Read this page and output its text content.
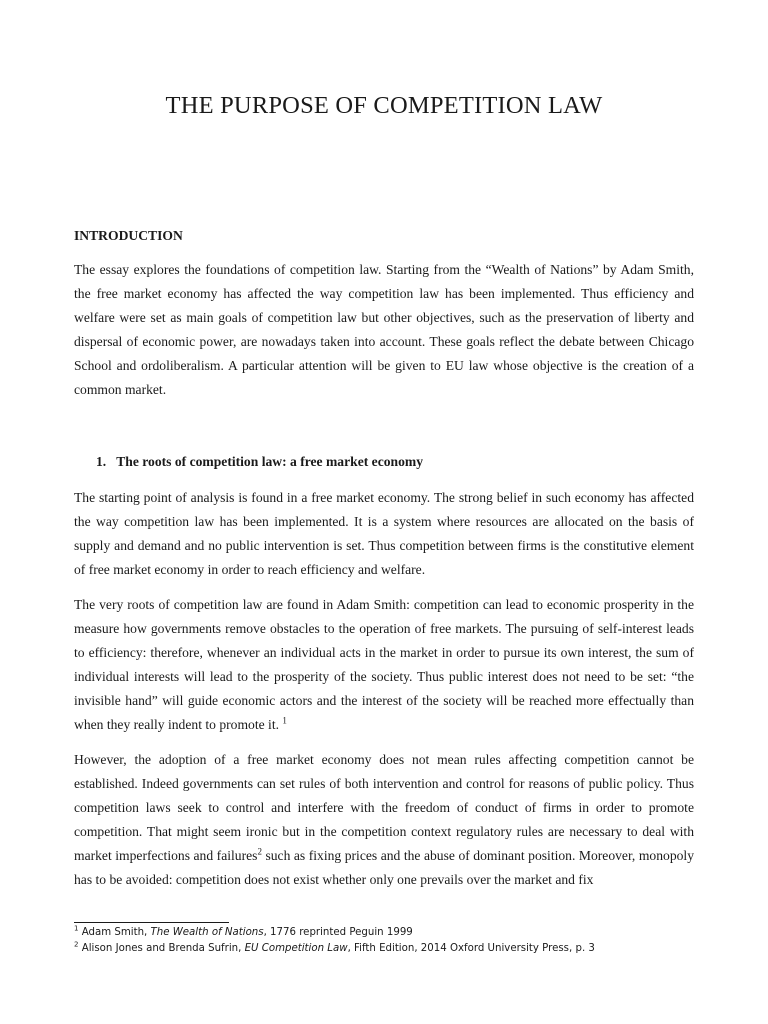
THE PURPOSE OF COMPETITION LAW
INTRODUCTION

The essay explores the foundations of competition law. Starting from the “Wealth of Nations” by Adam Smith, the free market economy has affected the way competition law has been implemented. Thus efficiency and welfare were set as main goals of competition law but other objectives, such as the preservation of liberty and dispersal of economic power, are nowadays taken into account. These goals reflect the debate between Chicago School and ordoliberalism. A particular attention will be given to EU law whose objective is the creation of a common market.

1. The roots of competition law: a free market economy

The starting point of analysis is found in a free market economy. The strong belief in such economy has affected the way competition law has been implemented. It is a system where resources are allocated on the basis of supply and demand and no public intervention is set. Thus competition between firms is the constitutive element of free market economy in order to reach efficiency and welfare.

The very roots of competition law are found in Adam Smith: competition can lead to economic prosperity in the measure how governments remove obstacles to the operation of free markets. The pursuing of self-interest leads to efficiency: therefore, whenever an individual acts in the market in order to pursue its own interest, the sum of individual interests will lead to the prosperity of the society. Thus public interest does not need to be set: “the invisible hand” will guide economic actors and the interest of the society will be reached more effectually than when they really indent to promote it. $^1$

However, the adoption of a free market economy does not mean rules affecting competition cannot be established. Indeed governments can set rules of both intervention and control for reasons of public policy. Thus competition laws seek to control and interfere with the freedom of conduct of firms in order to promote competition. That might seem ironic but in the competition context regulatory rules are necessary to deal with market imperfections and failures$^2$ such as fixing prices and the abuse of dominant position. Moreover, monopoly has to be avoided: competition does not exist whether only one prevails over the market and fix

$^1$ Adam Smith, The Wealth of Nations, 1776 reprinted Peguin 1999

$^2$ Alison Jones and Brenda Sufrin, EU Competition Law, Fifth Edition, 2014 Oxford University Press, p. 3
